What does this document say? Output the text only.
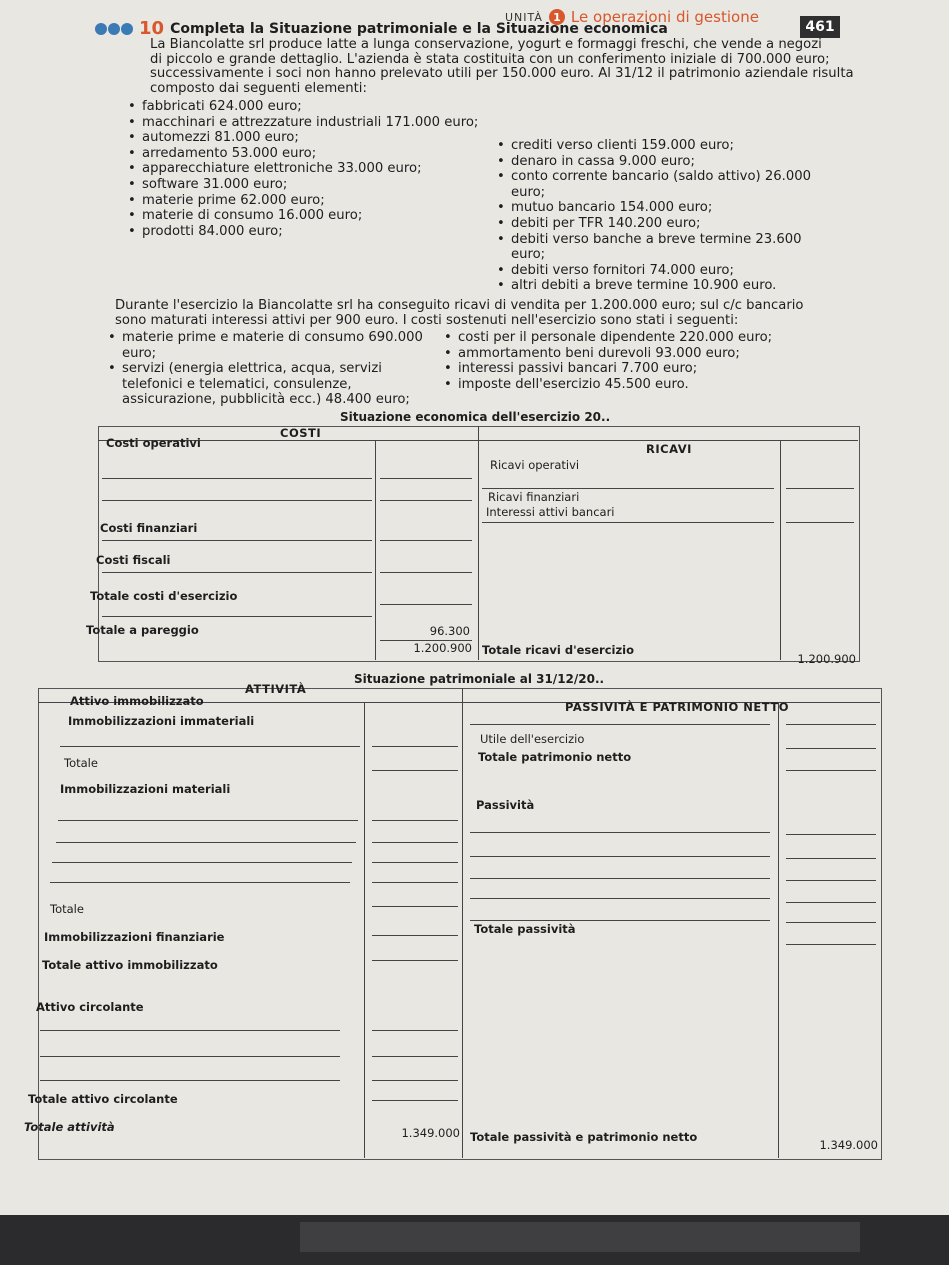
UNITÀ 1 Le operazioni di gestione
461
10 Completa la Situazione patrimoniale e la Situazione economica

La Biancolatte srl produce latte a lunga conservazione, yogurt e formaggi freschi, che vende a negozi

di piccolo e grande dettaglio. L'azienda è stata costituita con un conferimento iniziale di 700.000 euro;

successivamente i soci non hanno prelevato utili per 150.000 euro. Al 31/12 il patrimonio aziendale risulta

composto dai seguenti elementi:

• fabbricati 624.000 euro;
• macchinari e attrezzature industriali 171.000 euro;
• automezzi 81.000 euro;
• arredamento 53.000 euro;
• apparecchiature elettroniche 33.000 euro;
• software 31.000 euro;
• materie prime 62.000 euro;
• materie di consumo 16.000 euro;
• prodotti 84.000 euro;
• crediti verso clienti 159.000 euro;
• denaro in cassa 9.000 euro;
• conto corrente bancario (saldo attivo) 26.000 euro;
• mutuo bancario 154.000 euro;
• debiti per TFR 140.200 euro;
• debiti verso banche a breve termine 23.600 euro;
• debiti verso fornitori 74.000 euro;
• altri debiti a breve termine 10.900 euro.

Durante l'esercizio la Biancolatte srl ha conseguito ricavi di vendita per 1.200.000 euro; sul c/c bancario

sono maturati interessi attivi per 900 euro. I costi sostenuti nell'esercizio sono stati i seguenti:

• materie prime e materie di consumo 690.000 euro;
• servizi (energia elettrica, acqua, servizi telefonici e telematici, consulenze, assicurazione, pubblicità ecc.) 48.400 euro;
• costi per il personale dipendente 220.000 euro;
• ammortamento beni durevoli 93.000 euro;
• interessi passivi bancari 7.700 euro;
• imposte dell'esercizio 45.500 euro.
Situazione economica dell'esercizio 20..
COSTI
RICAVI
Costi operativi
Costi finanziari
Costi fiscali
Totale costi d'esercizio
Totale a pareggio	96.300
1.200.900
Ricavi operativi
Ricavi finanziari
Interessi attivi bancari
Totale ricavi d'esercizio
1.200.900
Situazione patrimoniale al 31/12/20..
ATTIVITÀ
PASSIVITÀ E PATRIMONIO NETTO
Attivo immobilizzato
Immobilizzazioni immateriali
Totale
Immobilizzazioni materiali
Totale
Immobilizzazioni finanziarie
Totale attivo immobilizzato
Attivo circolante
Totale attivo circolante
Totale attività	1.349.000
Utile dell'esercizio
Totale patrimonio netto
Passività
Totale passività
Totale passività e patrimonio netto
1.349.000
